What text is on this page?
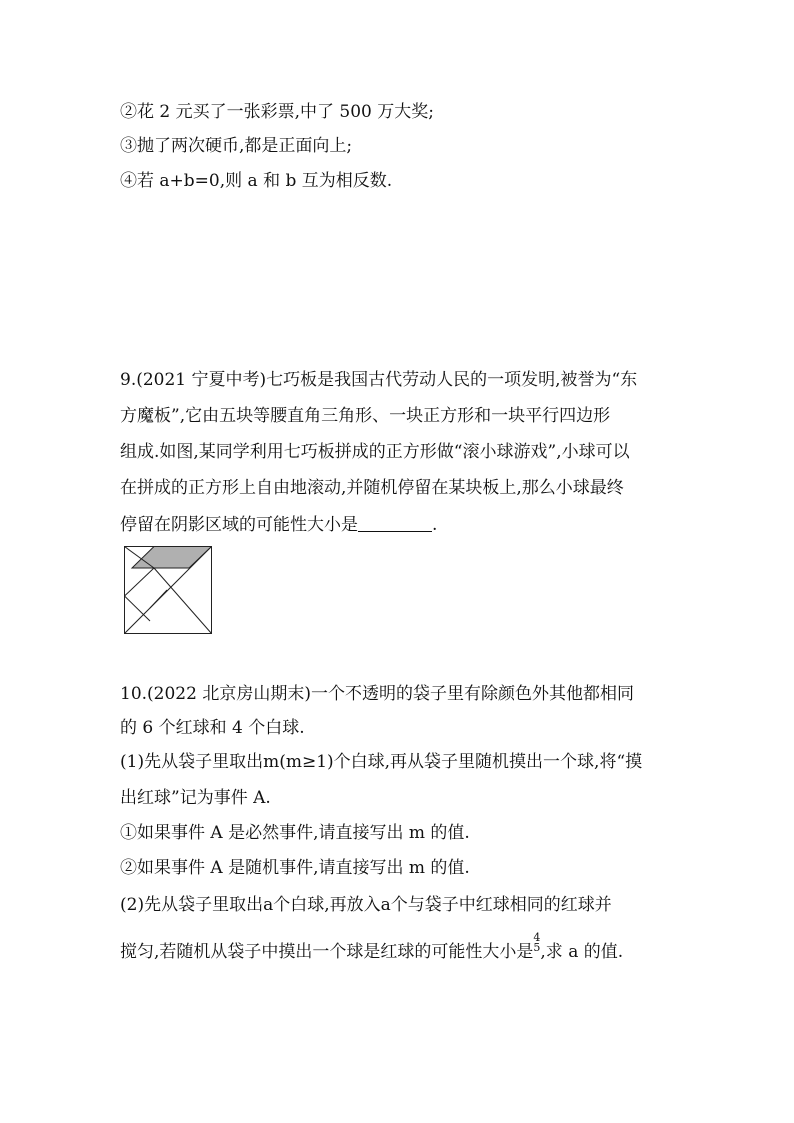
②花 2 元买了一张彩票,中了 500 万大奖;
③抛了两次硬币,都是正面向上;
④若 a+b=0,则 a 和 b 互为相反数.
9.(2021 宁夏中考)七巧板是我国古代劳动人民的一项发明,被誉为“东
方魔板”,它由五块等腰直角三角形、一块正方形和一块平行四边形
组成.如图,某同学利用七巧板拼成的正方形做“滚小球游戏”,小球可以
在拼成的正方形上自由地滚动,并随机停留在某块板上,那么小球最终
停留在阴影区域的可能性大小是	.
10.(2022 北京房山期末)一个不透明的袋子里有除颜色外其他都相同
的 6 个红球和 4 个白球.
(1)先从袋子里取出m(m≥1)个白球,再从袋子里随机摸出一个球,将“摸
出红球”记为事件 A.
①如果事件 A 是必然事件,请直接写出 m 的值.
②如果事件 A 是随机事件,请直接写出 m 的值.
(2)先从袋子里取出a个白球,再放入a个与袋子中红球相同的红球并
搅匀,若随机从袋子中摸出一个球是红球的可能性大小是
4
5 ,求 a 的值.
